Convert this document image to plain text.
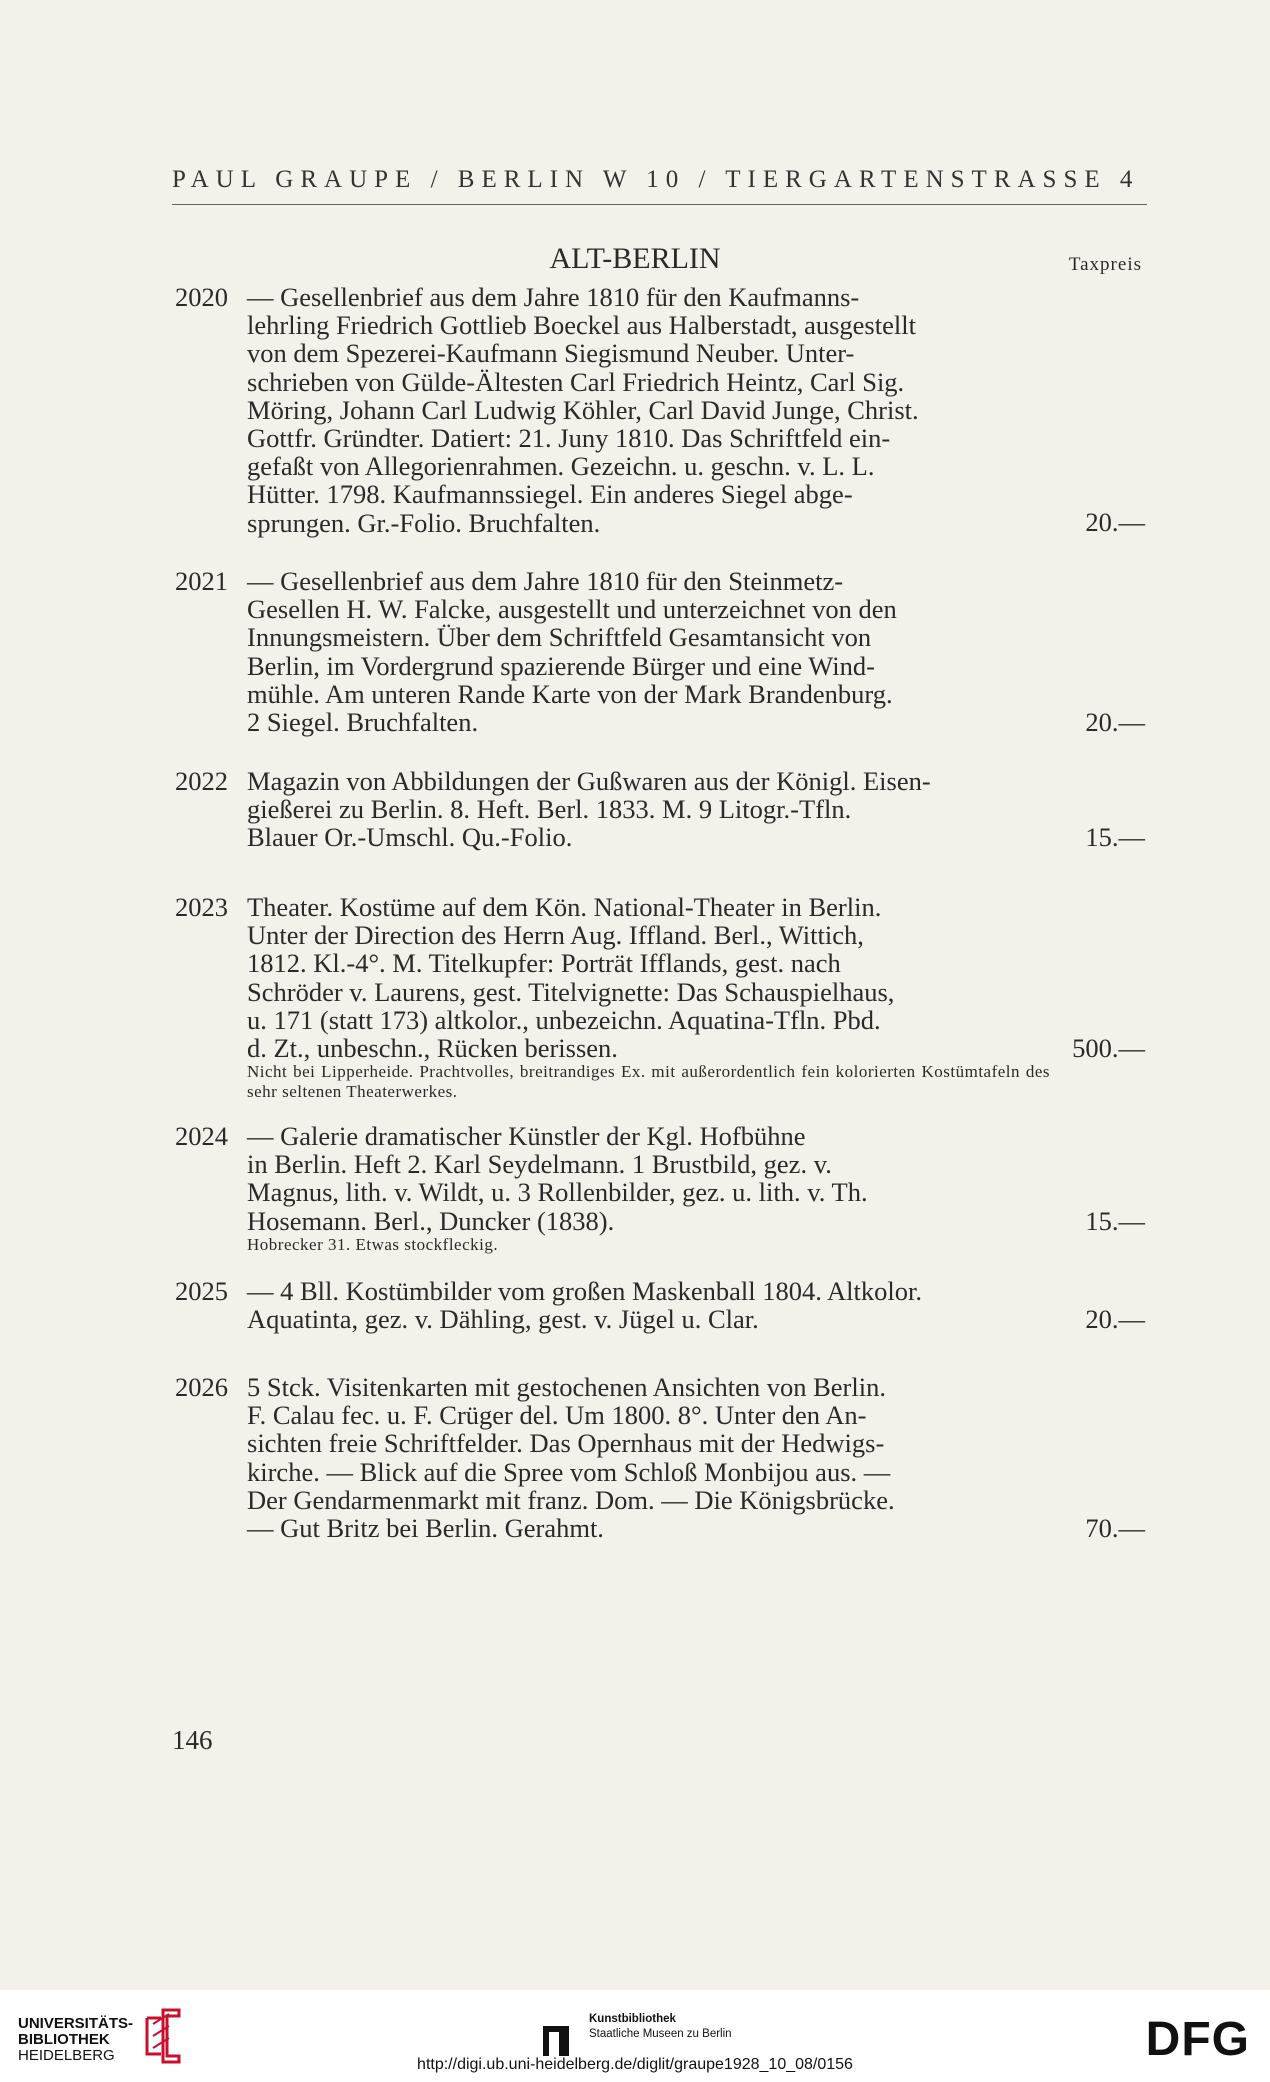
PAUL GRAUPE / BERLIN W 10 / TIERGARTENSTRASSE 4
ALT-BERLIN	Taxpreis
2020 — Gesellenbrief aus dem Jahre 1810 für den Kaufmanns-

lehrling Friedrich Gottlieb Boeckel aus Halberstadt, ausgestellt

von dem Spezerei-Kaufmann Siegismund Neuber. Unter-

schrieben von Gülde-Ältesten Carl Friedrich Heintz, Carl Sig.

Möring, Johann Carl Ludwig Köhler, Carl David Junge, Christ.

Gottfr. Gründter. Datiert: 21. Juny 1810. Das Schriftfeld ein-

gefaßt von Allegorienrahmen. Gezeichn. u. geschn. v. L. L.

Hütter. 1798. Kaufmannssiegel. Ein anderes Siegel abge-

sprungen. Gr.-Folio. Bruchfalten.	20.—
2021 — Gesellenbrief aus dem Jahre 1810 für den Steinmetz-

Gesellen H. W. Falcke, ausgestellt und unterzeichnet von den

Innungsmeistern. Über dem Schriftfeld Gesamtansicht von

Berlin, im Vordergrund spazierende Bürger und eine Wind-

mühle. Am unteren Rande Karte von der Mark Brandenburg.

2 Siegel. Bruchfalten.	20.—
2022 Magazin von Abbildungen der Gußwaren aus der Königl. Eisen-

gießerei zu Berlin. 8. Heft. Berl. 1833. M. 9 Litogr.-Tfln.

Blauer Or.-Umschl. Qu.-Folio.	15.—
2023 Theater. Kostüme auf dem Kön. National-Theater in Berlin.

Unter der Direction des Herrn Aug. Iffland. Berl., Wittich,

1812. Kl.-4°. M. Titelkupfer: Porträt Ifflands, gest. nach

Schröder v. Laurens, gest. Titelvignette: Das Schauspielhaus,

u. 171 (statt 173) altkolor., unbezeichn. Aquatina-Tfln. Pbd.

d. Zt., unbeschn., Rücken berissen.

Nicht bei Lipperheide. Prachtvolles, breitrandiges Ex. mit außerordentlich fein kolorierten Kostümtafeln des sehr seltenen Theaterwerkes.

500.—
2024 — Galerie dramatischer Künstler der Kgl. Hofbühne

in Berlin. Heft 2. Karl Seydelmann. 1 Brustbild, gez. v.

Magnus, lith. v. Wildt, u. 3 Rollenbilder, gez. u. lith. v. Th.

Hosemann. Berl., Duncker (1838).

Hobrecker 31. Etwas stockfleckig.

15.—
2025 — 4 Bll. Kostümbilder vom großen Maskenball 1804. Altkolor.

Aquatinta, gez. v. Dähling, gest. v. Jügel u. Clar.	20.—
2026 5 Stck. Visitenkarten mit gestochenen Ansichten von Berlin.

F. Calau fec. u. F. Crüger del. Um 1800. 8°. Unter den An-

sichten freie Schriftfelder. Das Opernhaus mit der Hedwigs-

kirche. — Blick auf die Spree vom Schloß Monbijou aus. —

Der Gendarmenmarkt mit franz. Dom. — Die Königsbrücke.

— Gut Britz bei Berlin. Gerahmt.	70.—
146
UNIVERSITÄTS-
BIBLIOTHEK
HEIDELBERG
Kunstbibliothek
Staatliche Museen zu Berlin	DFG
http://digi.ub.uni-heidelberg.de/diglit/graupe1928_10_08/0156
